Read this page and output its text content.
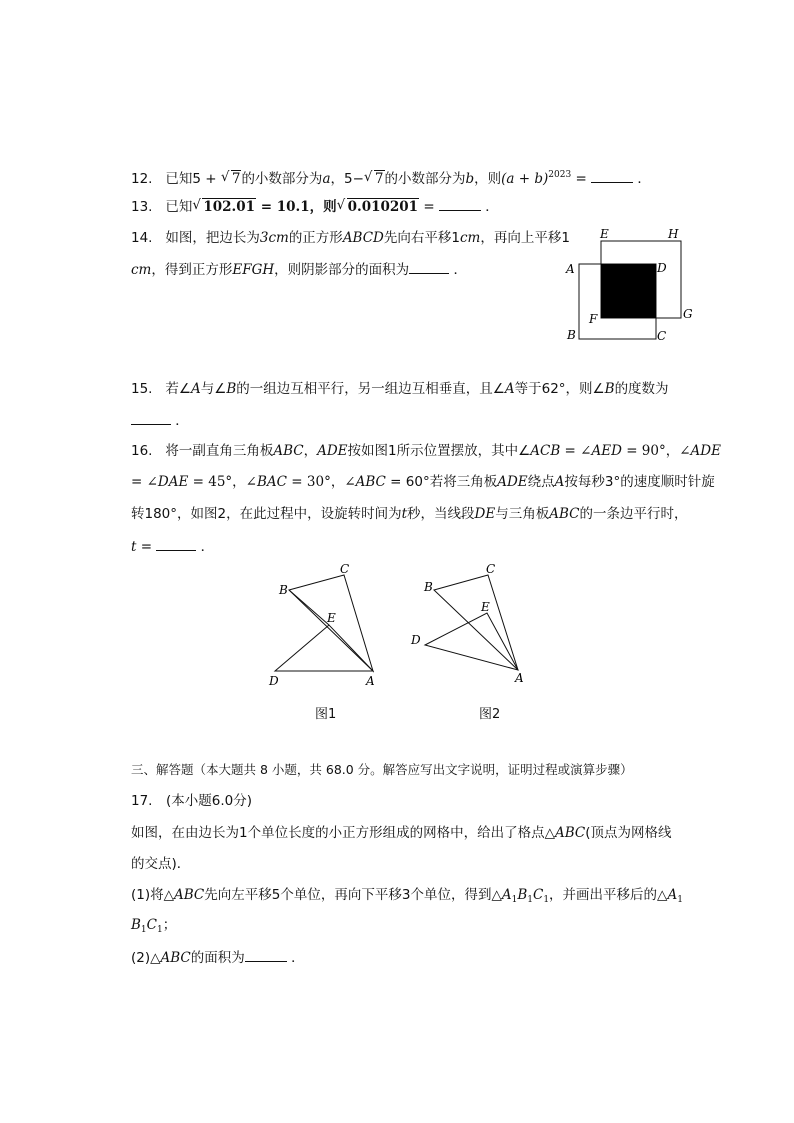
12. 已知5 + √ 7的小数部分为a，5− √ 7的小数部分为b，则$(a + b)^{2023}$ =	．
13. 已知 √ 102.01 = 10.1，则 √ 0.010201 =	．
14. 如图，把边长为3cm的正方形ABCD先向右平移1cm，再向上平移1
cm，得到正方形EFGH，则阴影部分的面积为	．	A
B	C
D
E
F	G
H
15. 若∠A与∠B的一组边互相平行，另一组边互相垂直，且∠A等于62°，则∠B的度数为
．
16. 将一副直角三角板ABC，ADE按如图1所示位置摆放，其中∠ACB = ∠AED = 90°，∠ADE
= ∠DAE = 45°，∠BAC = 30°，∠ABC = 60°若将三角板ADE绕点A按每秒3°的速度顺时针旋
转180°，如图2，在此过程中，设旋转时间为t秒，当线段DE与三角板ABC的一条边平行时，
t =	．
B
C
E
D	A
图1
B
C
E
D
A
图2
三、解答题（本大题共 8 小题，共 68.0 分。解答应写出文字说明，证明过程或演算步骤）
17.　(本小题6.0分)
如图，在由边长为1个单位长度的小正方形组成的网格中，给出了格点△ABC(顶点为网格线
的交点)．
(1)将△ABC先向左平移5个单位，再向下平移3个单位，得到$\triangle A_1B_1C_1$，并画出平移后的$\triangle A_1$
$B_1C_1$；
(2)△ABC的面积为	．
